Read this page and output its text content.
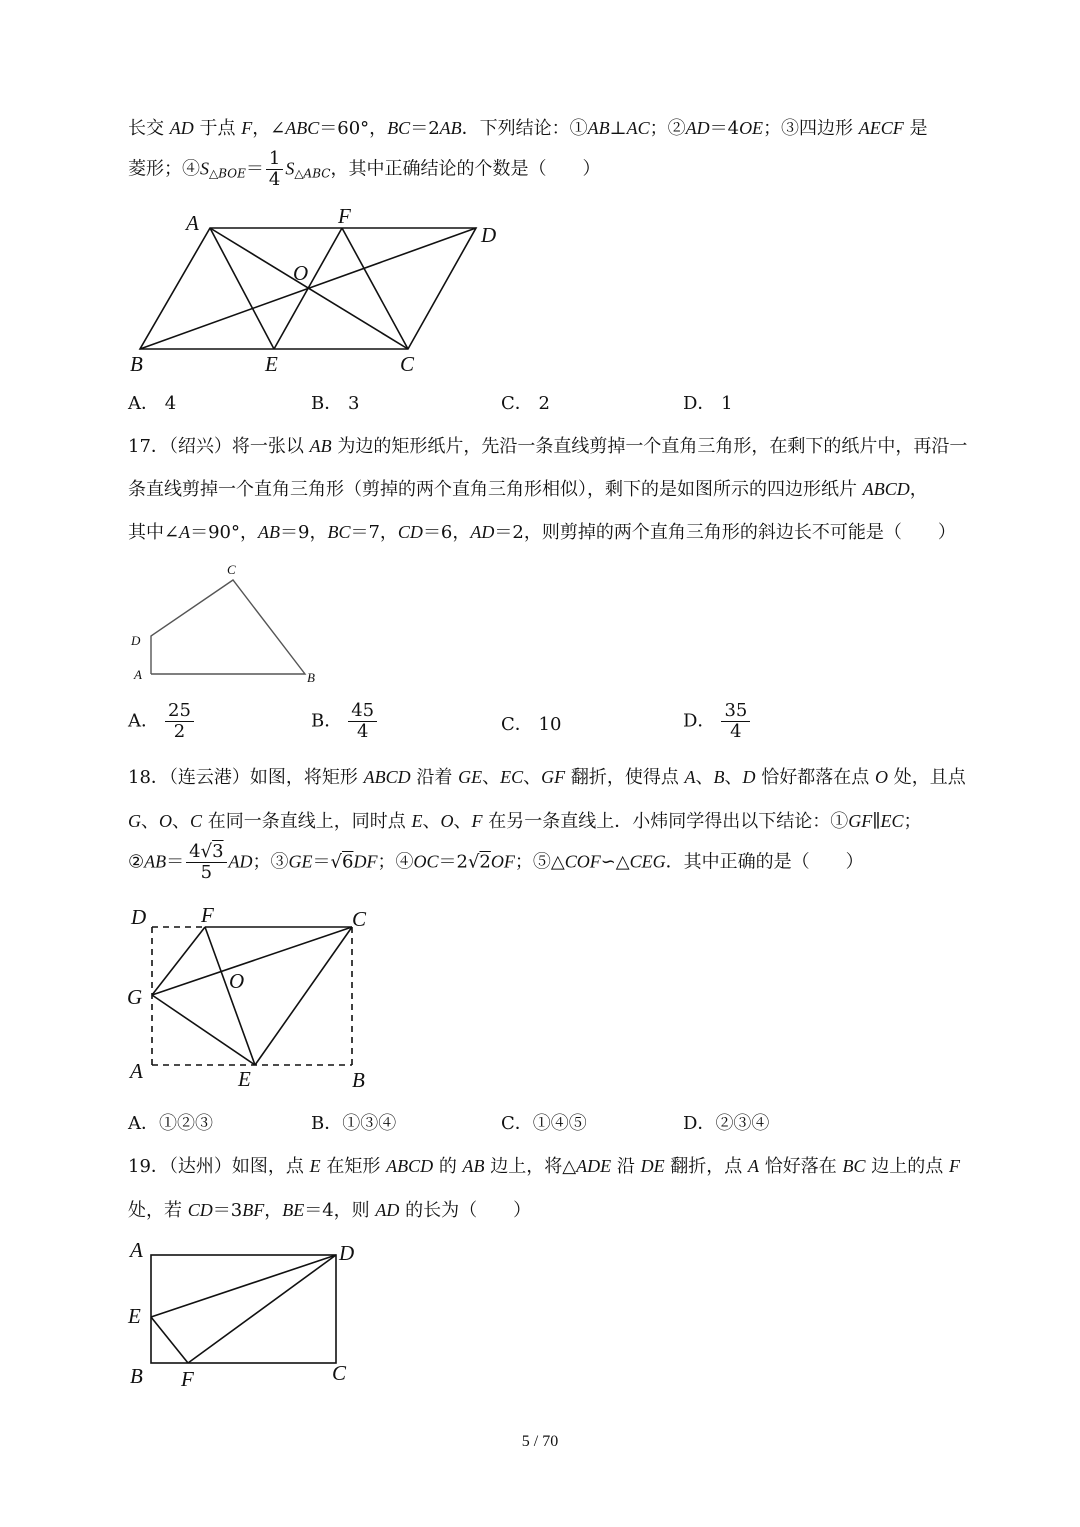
长交 AD 于点 F，∠ABC＝60°，BC＝2AB．下列结论：①AB⊥AC；②AD＝4OE；③四边形 AECF 是
菱形；$④S_{\triangle BOE}= \frac{1}{4} S_{\triangle ABC}$，其中正确结论的个数是（　　）
A	F
D
O
B	E	C
A． 4	B． 3	C． 2	D． 1
17．（绍兴）将一张以 AB 为边的矩形纸片，先沿一条直线剪掉一个直角三角形，在剩下的纸片中，再沿一
条直线剪掉一个直角三角形（剪掉的两个直角三角形相似），剩下的是如图所示的四边形纸片 ABCD，
其中∠A＝90°，AB＝9，BC＝7，CD＝6，AD＝2，则剪掉的两个直角三角形的斜边长不可能是（　　）
C
D
A	B
A． $\frac{25}{2}$	B． $\frac{45}{4}$	C． 10	D． $\frac{35}{4}$
18．（连云港）如图，将矩形 ABCD 沿着 GE、EC、GF 翻折，使得点 A、B、D 恰好都落在点 O 处，且点
G、O、C 在同一条直线上，同时点 E、O、F 在另一条直线上．小炜同学得出以下结论：①GF∥EC；
②AB＝ $\frac{4√3}{5}$ AD；③GE＝√6DF；④OC＝2√2OF；⑤△COF∽△CEG．其中正确的是（　　）
D	F	C
G
O
A	E	B
A．①②③	B．①③④	C．①④⑤	D．②③④
19．（达州）如图，点 E 在矩形 ABCD 的 AB 边上，将△ADE 沿 DE 翻折，点 A 恰好落在 BC 边上的点 F
处，若 CD＝3BF，BE＝4，则 AD 的长为（　　）
A	D
E
B F	C
5 / 70
